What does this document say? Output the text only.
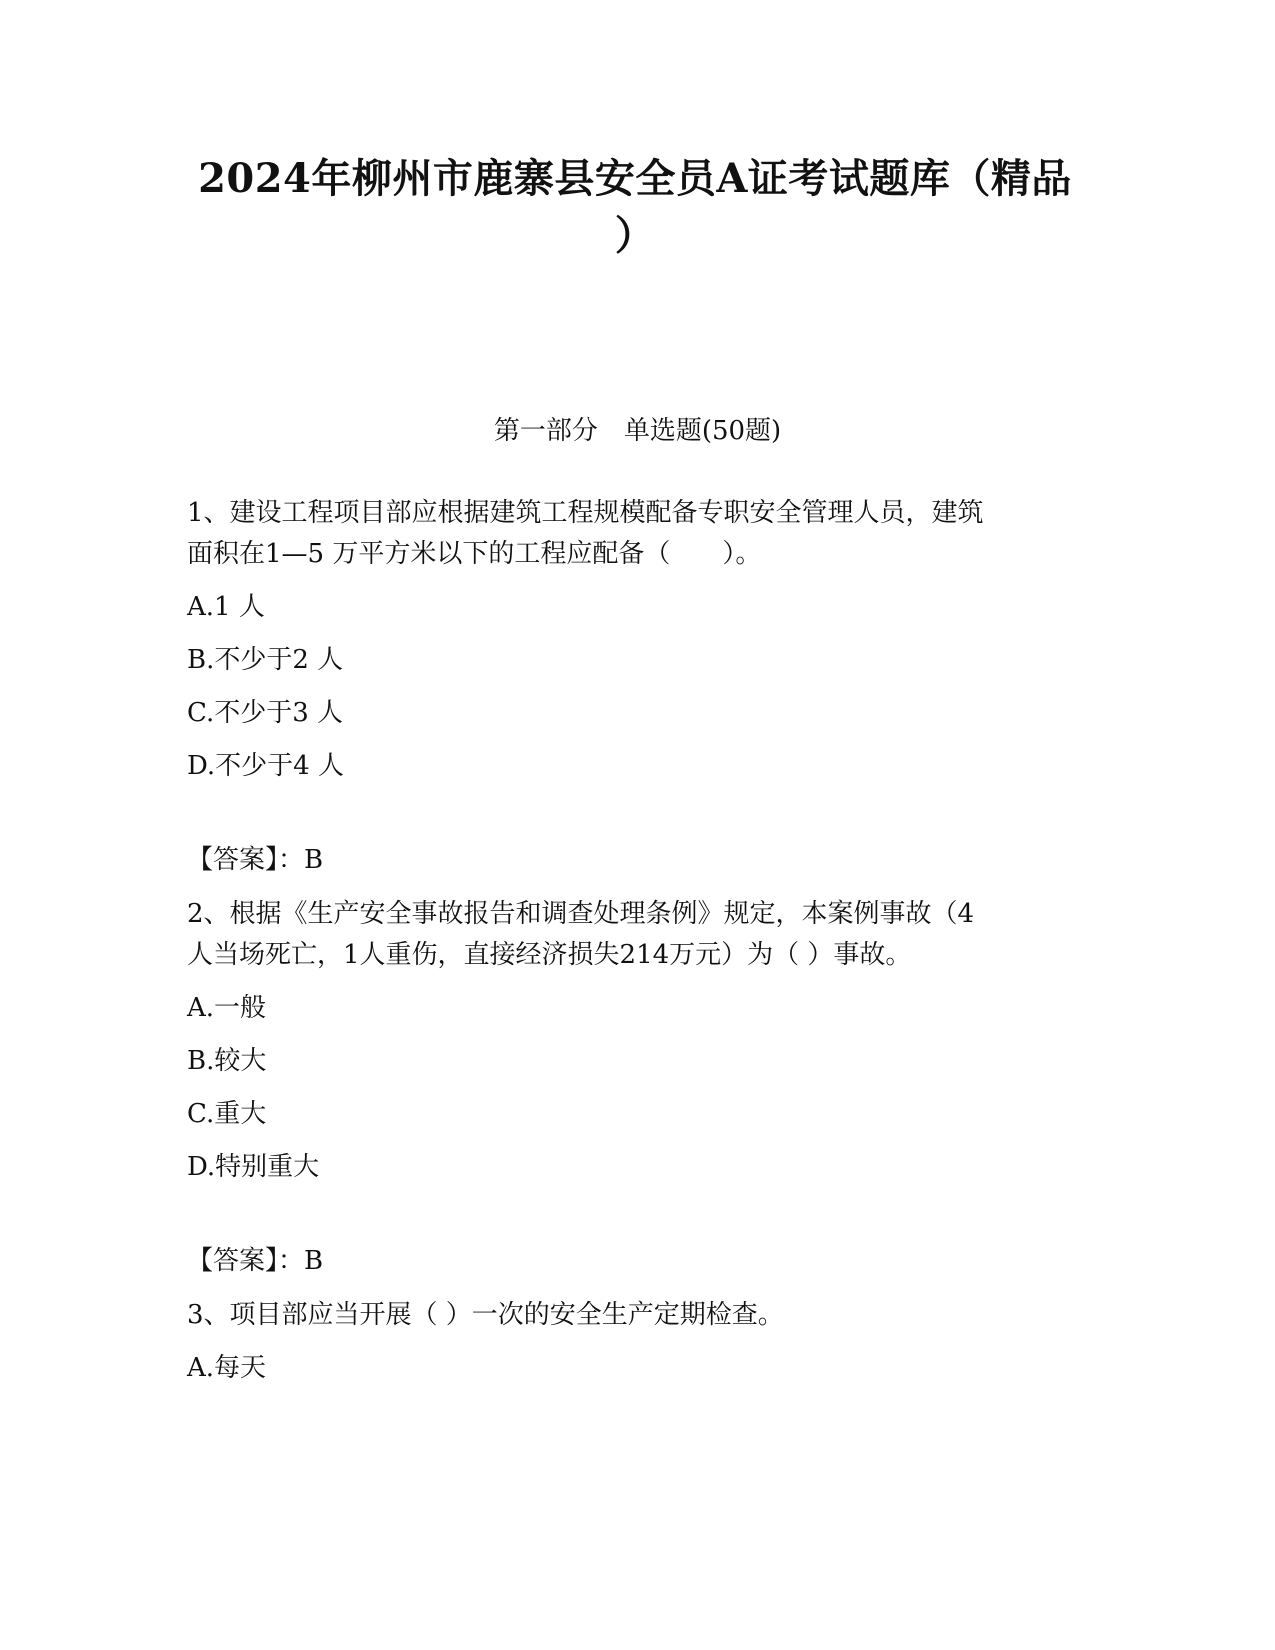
2024年柳州市鹿寨县安全员A证考试题库（精品
）
第一部分　单选题(50题)
1、建设工程项目部应根据建筑工程规模配备专职安全管理人员，建筑
面积在1—5 万平方米以下的工程应配备（　　）。
A.1 人
B.不少于2 人
C.不少于3 人
D.不少于4 人
【答案】：B
2、根据《生产安全事故报告和调查处理条例》规定，本案例事故（4
人当场死亡，1人重伤，直接经济损失214万元）为（ ）事故。
A.一般
B.较大
C.重大
D.特别重大
【答案】：B
3、项目部应当开展（ ）一次的安全生产定期检查。
A.每天
